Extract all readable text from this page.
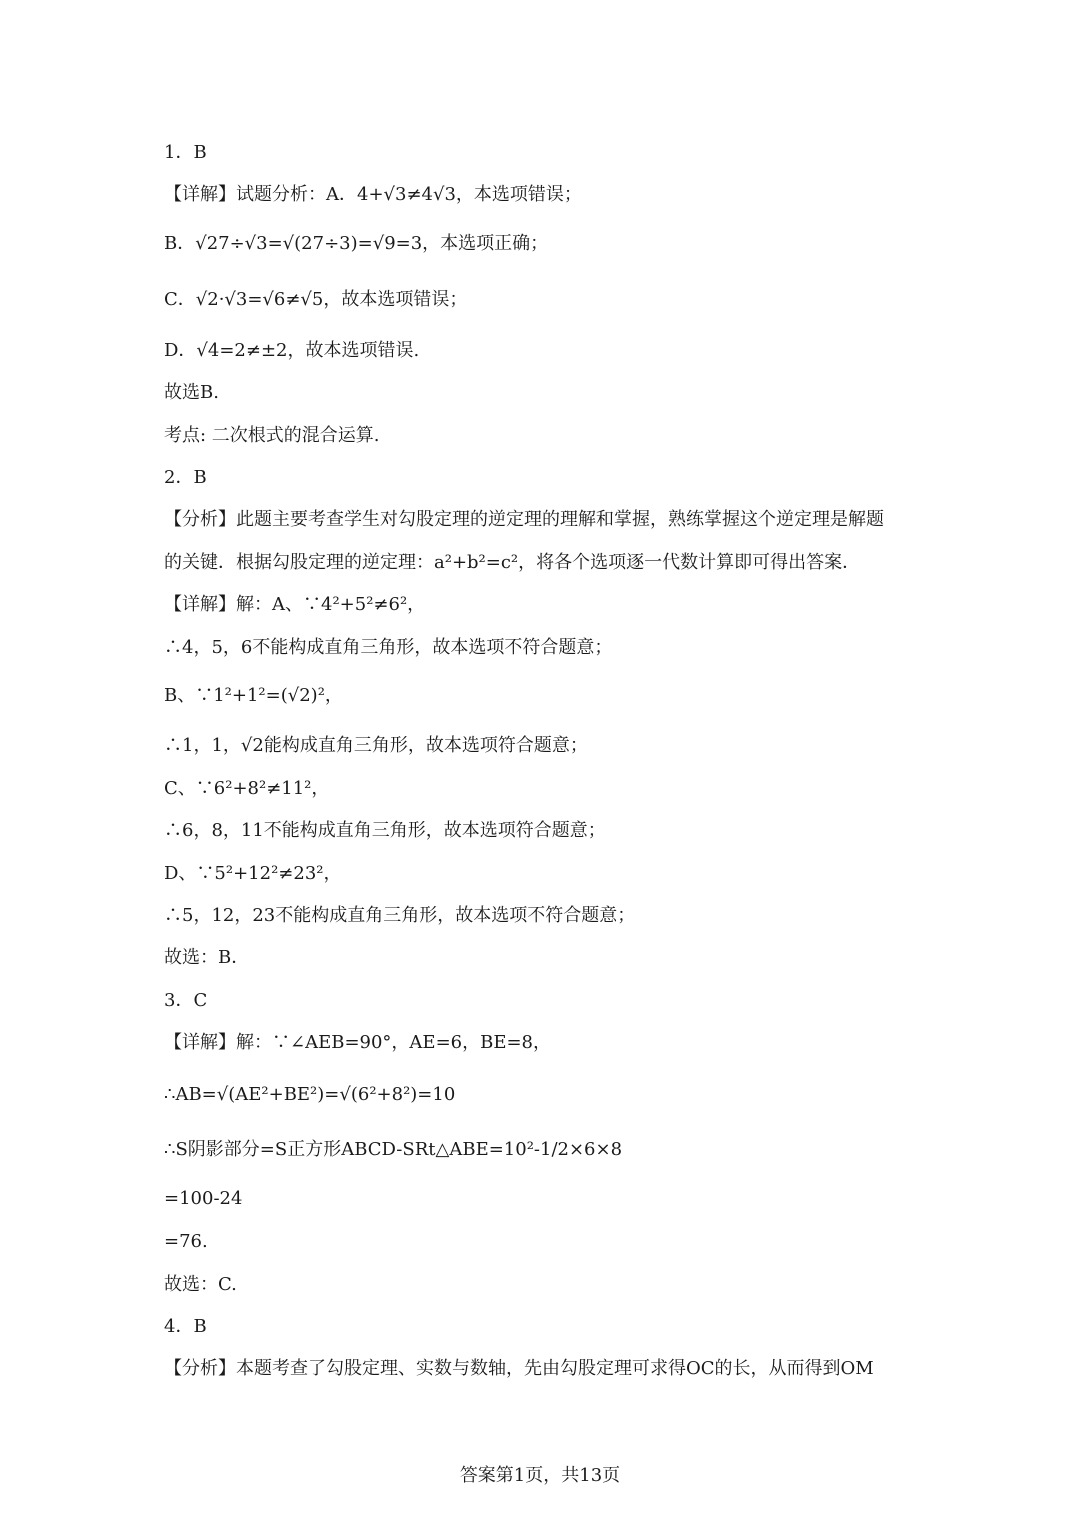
1．B
【详解】试题分析：A．4+√3≠4√3，本选项错误；
B．√27÷√3=√(27÷3)=√9=3，本选项正确；
C．√2·√3=√6≠√5，故本选项错误；
D．√4=2≠±2，故本选项错误.
故选B.
考点: 二次根式的混合运算.
2．B
【分析】此题主要考查学生对勾股定理的逆定理的理解和掌握，熟练掌握这个逆定理是解题
的关键．根据勾股定理的逆定理：a²+b²=c²，将各个选项逐一代数计算即可得出答案．
【详解】解：A、∵4²+5²≠6²，
∴4，5，6不能构成直角三角形，故本选项不符合题意；
B、∵1²+1²=(√2)²，
∴1，1，√2能构成直角三角形，故本选项符合题意；
C、∵6²+8²≠11²，
∴6，8，11不能构成直角三角形，故本选项符合题意；
D、∵5²+12²≠23²，
∴5，12，23不能构成直角三角形，故本选项不符合题意；
故选：B．
3．C
【详解】解：∵∠AEB=90°，AE=6，BE=8，
∴AB=√(AE²+BE²)=√(6²+8²)=10
∴S阴影部分=S正方形ABCD-SRt△ABE=10²-1/2×6×8
=100-24
=76.
故选：C.
4．B
【分析】本题考查了勾股定理、实数与数轴，先由勾股定理可求得OC的长，从而得到OM
答案第1页，共13页
